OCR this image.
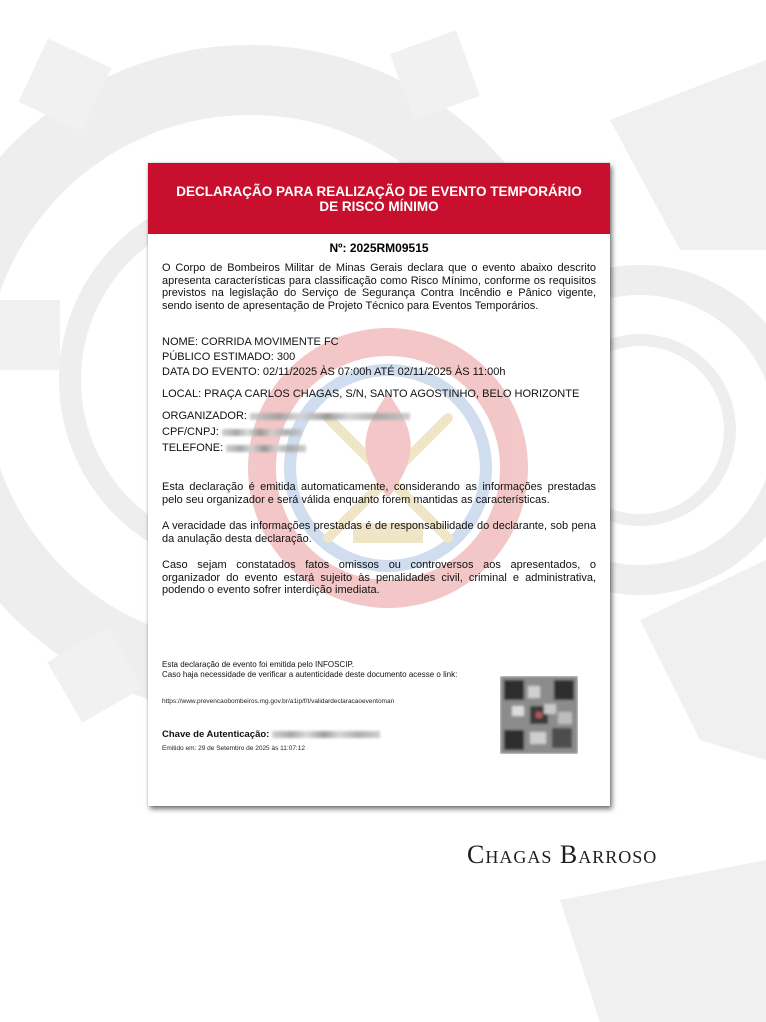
DECLARAÇÃO PARA REALIZAÇÃO DE EVENTO TEMPORÁRIO DE RISCO MÍNIMO
Nº: 2025RM09515
O Corpo de Bombeiros Militar de Minas Gerais declara que o evento abaixo descrito apresenta características para classificação como Risco Mínimo, conforme os requisitos previstos na legislação do Serviço de Segurança Contra Incêndio e Pânico vigente, sendo isento de apresentação de Projeto Técnico para Eventos Temporários.
NOME: CORRIDA MOVIMENTE FC
PÚBLICO ESTIMADO: 300
DATA DO EVENTO: 02/11/2025 ÀS 07:00h ATÉ 02/11/2025 ÀS 11:00h
LOCAL: PRAÇA CARLOS CHAGAS, S/N, SANTO AGOSTINHO, BELO HORIZONTE
ORGANIZADOR:
CPF/CNPJ:
TELEFONE:
Esta declaração é emitida automaticamente, considerando as informações prestadas pelo seu organizador e será válida enquanto forem mantidas as características.
A veracidade das informações prestadas é de responsabilidade do declarante, sob pena da anulação desta declaração.
Caso sejam constatados fatos omissos ou controversos aos apresentados, o organizador do evento estará sujeito às penalidades civil, criminal e administrativa, podendo o evento sofrer interdição imediata.
Esta declaração de evento foi emitida pelo INFOSCIP.
Caso haja necessidade de verificar a autenticidade deste documento acesse o link:
https://www.prevencaobombeiros.mg.gov.br/a1ip/f/t/validardeclaracaoeventoman
Chave de Autenticação:
Emitido em: 29 de Setembro de 2025 às 11:07:12
Chagas Barroso
